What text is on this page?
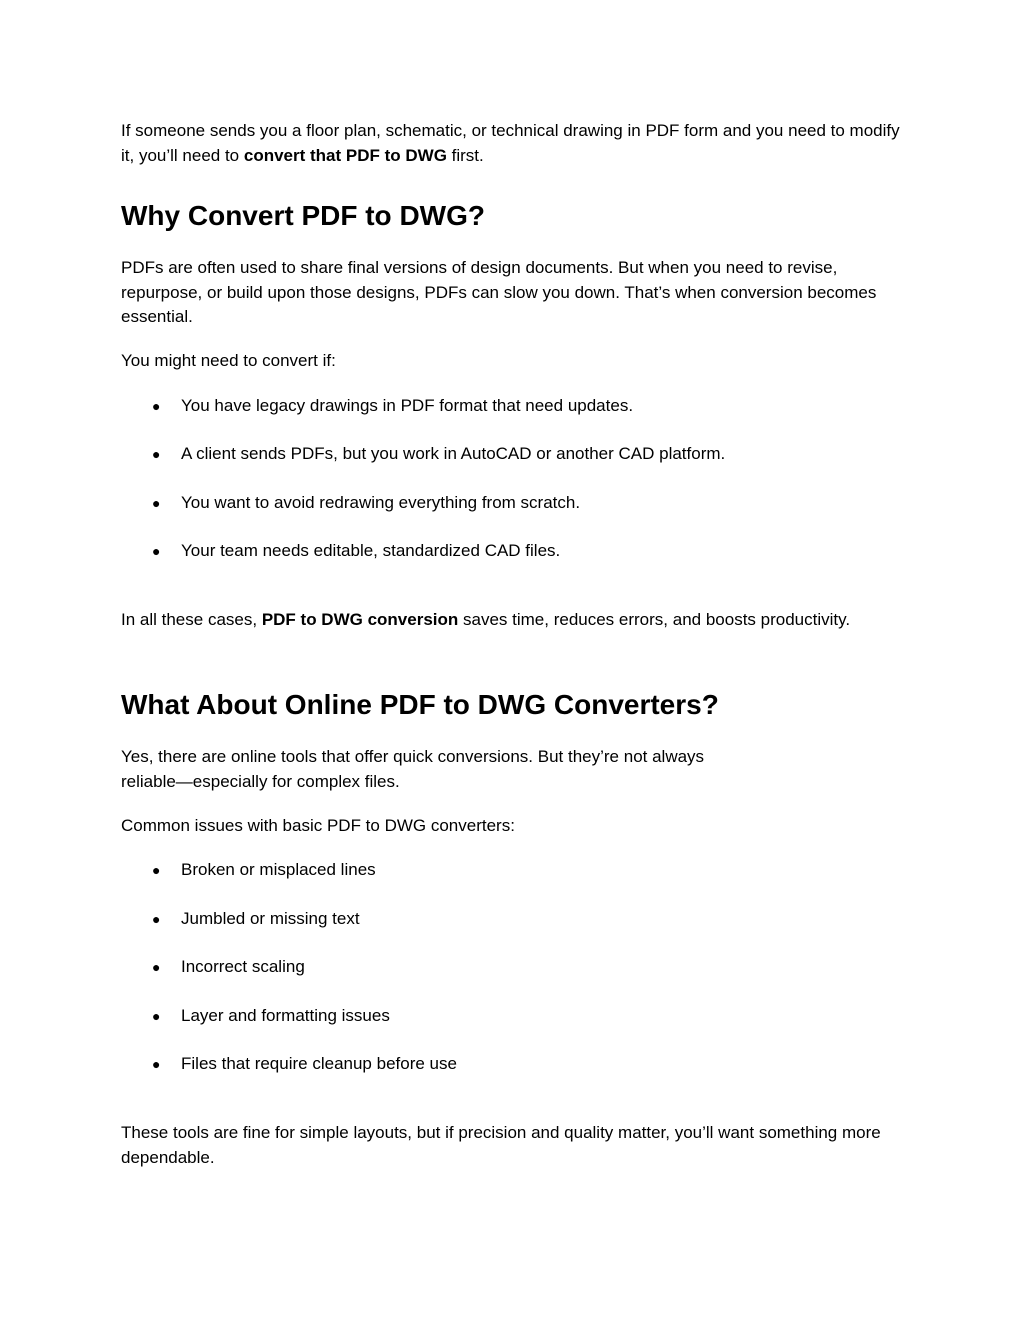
If someone sends you a floor plan, schematic, or technical drawing in PDF form and you need to modify it, you’ll need to convert that PDF to DWG first.

Why Convert PDF to DWG?

PDFs are often used to share final versions of design documents. But when you need to revise, repurpose, or build upon those designs, PDFs can slow you down. That’s when conversion becomes essential.

You might need to convert if:

● You have legacy drawings in PDF format that need updates.
● A client sends PDFs, but you work in AutoCAD or another CAD platform.
● You want to avoid redrawing everything from scratch.
● Your team needs editable, standardized CAD files.

In all these cases, PDF to DWG conversion saves time, reduces errors, and boosts productivity.

What About Online PDF to DWG Converters?

Yes, there are online tools that offer quick conversions. But they’re not always
reliable—especially for complex files.

Common issues with basic PDF to DWG converters:

● Broken or misplaced lines
● Jumbled or missing text
● Incorrect scaling
● Layer and formatting issues
● Files that require cleanup before use

These tools are fine for simple layouts, but if precision and quality matter, you’ll want something more dependable.
